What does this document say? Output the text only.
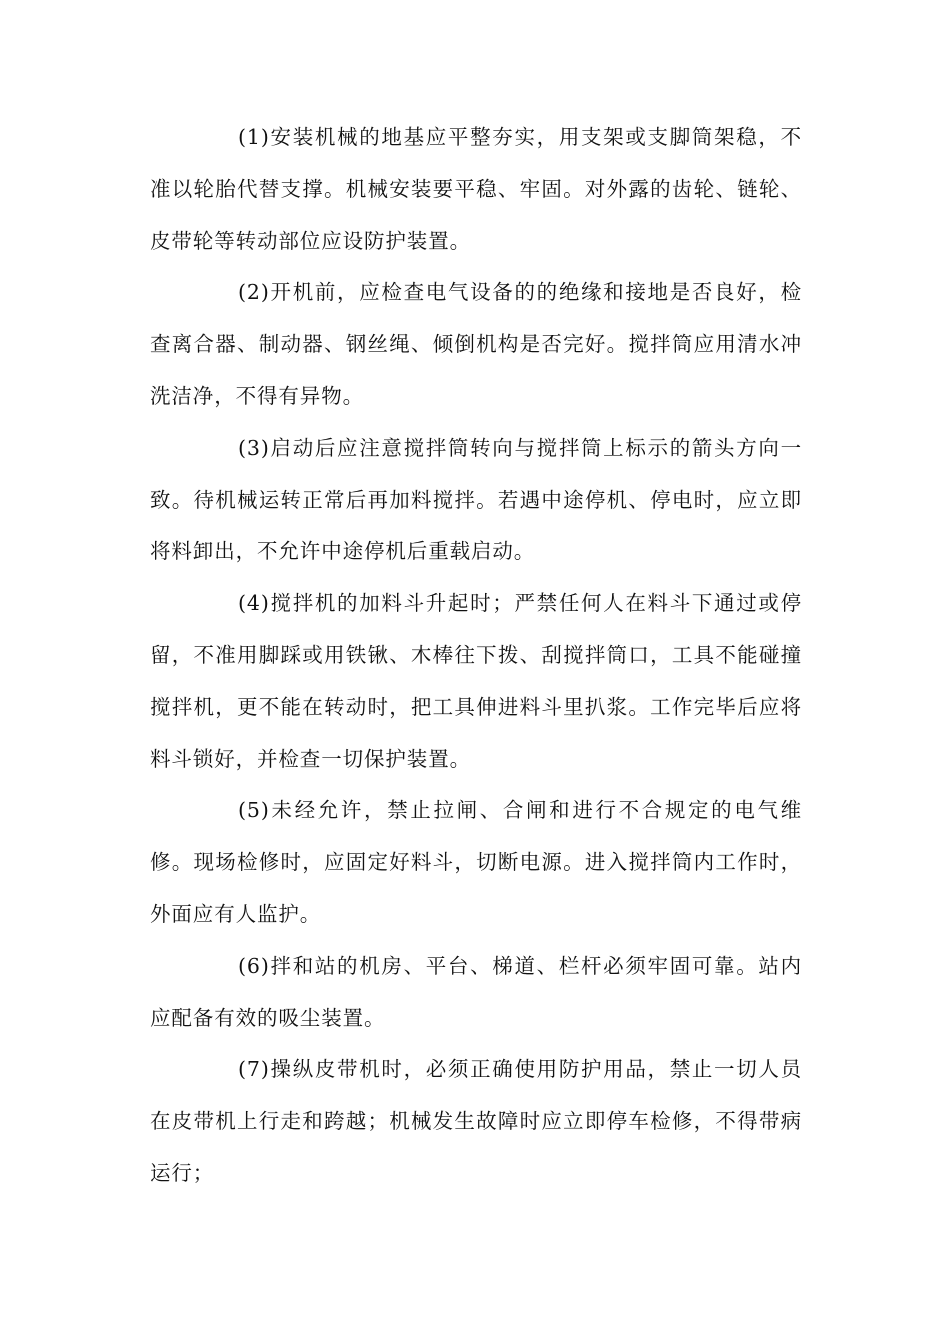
(1)安装机械的地基应平整夯实，用支架或支脚筒架稳，不准以轮胎代替支撑。机械安装要平稳、牢固。对外露的齿轮、链轮、皮带轮等转动部位应设防护装置。

(2)开机前，应检查电气设备的的绝缘和接地是否良好，检查离合器、制动器、钢丝绳、倾倒机构是否完好。搅拌筒应用清水冲洗洁净，不得有异物。

(3)启动后应注意搅拌筒转向与搅拌筒上标示的箭头方向一致。待机械运转正常后再加料搅拌。若遇中途停机、停电时，应立即将料卸出，不允许中途停机后重载启动。

(4)搅拌机的加料斗升起时；严禁任何人在料斗下通过或停留，不准用脚踩或用铁锹、木棒往下拨、刮搅拌筒口，工具不能碰撞搅拌机，更不能在转动时，把工具伸进料斗里扒浆。工作完毕后应将料斗锁好，并检查一切保护装置。

(5)未经允许，禁止拉闸、合闸和进行不合规定的电气维修。现场检修时，应固定好料斗，切断电源。进入搅拌筒内工作时，外面应有人监护。

(6)拌和站的机房、平台、梯道、栏杆必须牢固可靠。站内应配备有效的吸尘装置。

(7)操纵皮带机时，必须正确使用防护用品，禁止一切人员在皮带机上行走和跨越；机械发生故障时应立即停车检修，不得带病运行；
